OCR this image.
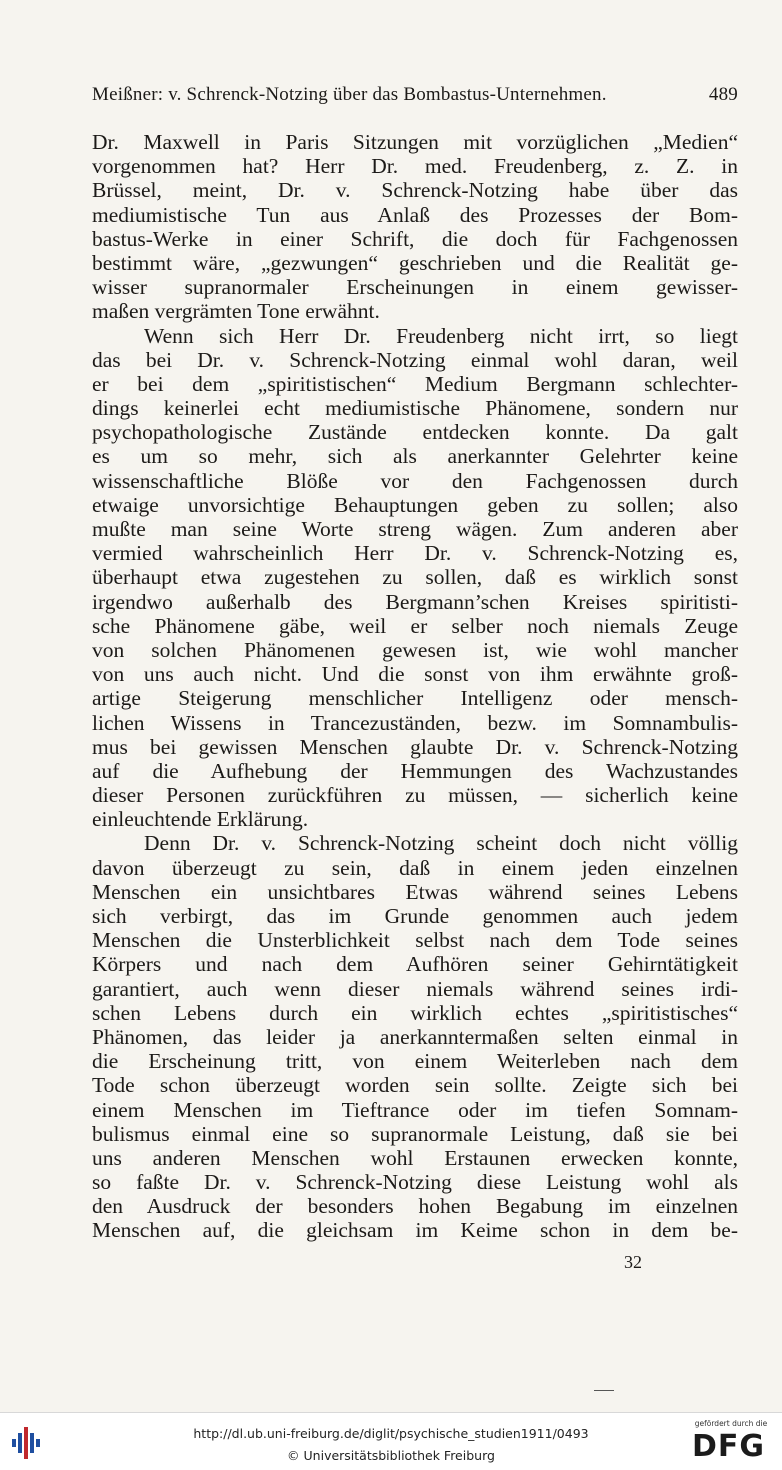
Meißner: v. Schrenck-Notzing über das Bombastus-Unternehmen.	489
Dr. Maxwell in Paris Sitzungen mit vorzüglichen „Medien“
vorgenommen hat? Herr Dr. med. Freudenberg, z. Z. in
Brüssel, meint, Dr. v. Schrenck-Notzing habe über das
mediumistische Tun aus Anlaß des Prozesses der Bom-
bastus-Werke in einer Schrift, die doch für Fachgenossen
bestimmt wäre, „gezwungen“ geschrieben und die Realität ge-
wisser supranormaler Erscheinungen in einem gewisser-
maßen vergrämten Tone erwähnt.
Wenn sich Herr Dr. Freudenberg nicht irrt, so liegt
das bei Dr. v. Schrenck-Notzing einmal wohl daran, weil
er bei dem „spiritistischen“ Medium Bergmann schlechter-
dings keinerlei echt mediumistische Phänomene, sondern nur
psychopathologische Zustände entdecken konnte. Da galt
es um so mehr, sich als anerkannter Gelehrter keine
wissenschaftliche Blöße vor den Fachgenossen durch
etwaige unvorsichtige Behauptungen geben zu sollen; also
mußte man seine Worte streng wägen. Zum anderen aber
vermied wahrscheinlich Herr Dr. v. Schrenck-Notzing es,
überhaupt etwa zugestehen zu sollen, daß es wirklich sonst
irgendwo außerhalb des Bergmann’schen Kreises spiritisti-
sche Phänomene gäbe, weil er selber noch niemals Zeuge
von solchen Phänomenen gewesen ist, wie wohl mancher
von uns auch nicht. Und die sonst von ihm erwähnte groß-
artige Steigerung menschlicher Intelligenz oder mensch-
lichen Wissens in Trancezuständen, bezw. im Somnambulis-
mus bei gewissen Menschen glaubte Dr. v. Schrenck-Notzing
auf die Aufhebung der Hemmungen des Wachzustandes
dieser Personen zurückführen zu müssen, — sicherlich keine
einleuchtende Erklärung.
Denn Dr. v. Schrenck-Notzing scheint doch nicht völlig
davon überzeugt zu sein, daß in einem jeden einzelnen
Menschen ein unsichtbares Etwas während seines Lebens
sich verbirgt, das im Grunde genommen auch jedem
Menschen die Unsterblichkeit selbst nach dem Tode seines
Körpers und nach dem Aufhören seiner Gehirntätigkeit
garantiert, auch wenn dieser niemals während seines irdi-
schen Lebens durch ein wirklich echtes „spiritistisches“
Phänomen, das leider ja anerkanntermaßen selten einmal in
die Erscheinung tritt, von einem Weiterleben nach dem
Tode schon überzeugt worden sein sollte. Zeigte sich bei
einem Menschen im Tieftrance oder im tiefen Somnam-
bulismus einmal eine so supranormale Leistung, daß sie bei
uns anderen Menschen wohl Erstaunen erwecken konnte,
so faßte Dr. v. Schrenck-Notzing diese Leistung wohl als
den Ausdruck der besonders hohen Begabung im einzelnen
Menschen auf, die gleichsam im Keime schon in dem be-
32
http://dl.ub.uni-freiburg.de/diglit/psychische_studien1911/0493
© Universitätsbibliothek Freiburg
gefördert durch die
DFG
